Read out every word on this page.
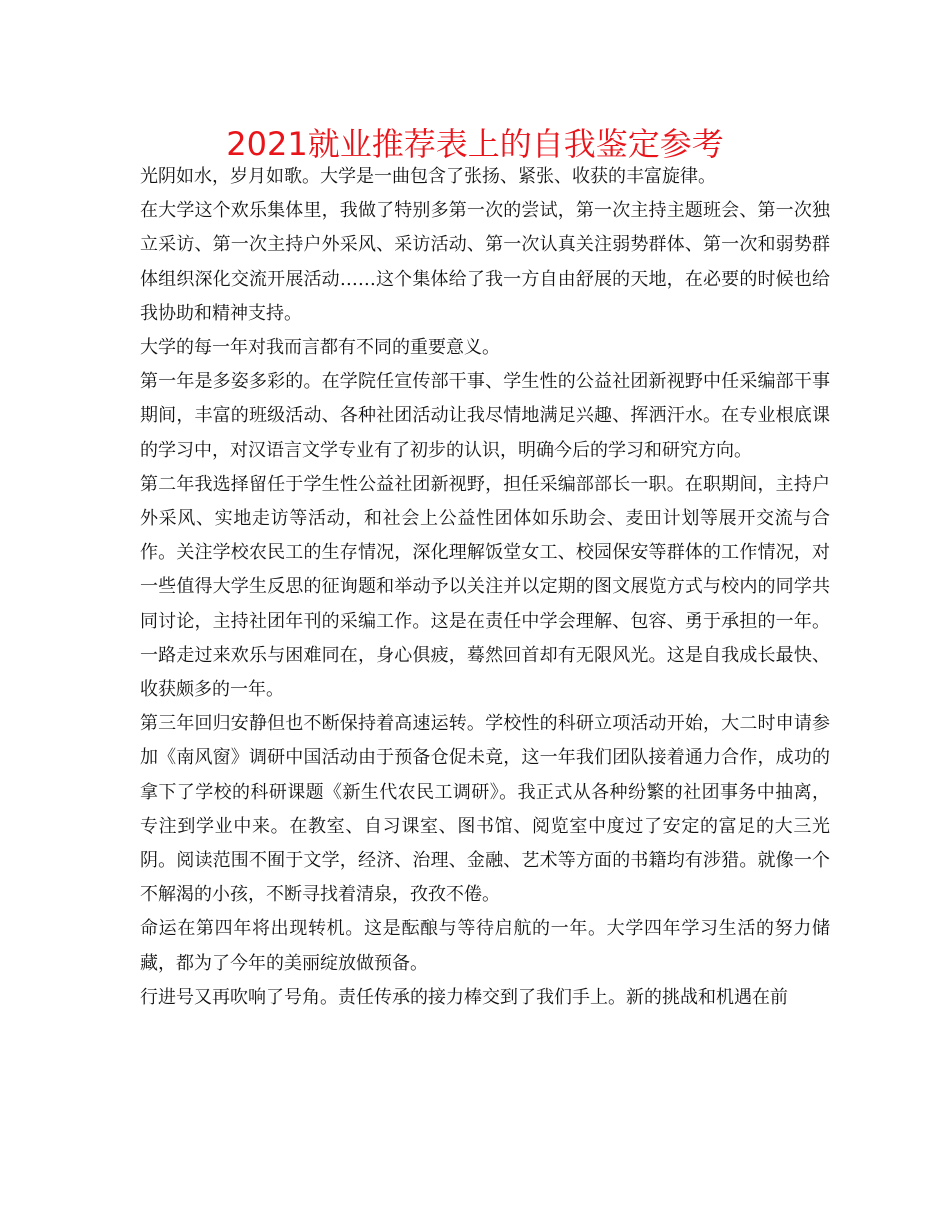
2021就业推荐表上的自我鉴定参考

光阴如水，岁月如歌。大学是一曲包含了张扬、紧张、收获的丰富旋律。

在大学这个欢乐集体里，我做了特别多第一次的尝试，第一次主持主题班会、第一次独立采访、第一次主持户外采风、采访活动、第一次认真关注弱势群体、第一次和弱势群体组织深化交流开展活动……这个集体给了我一方自由舒展的天地，在必要的时候也给我协助和精神支持。

大学的每一年对我而言都有不同的重要意义。

第一年是多姿多彩的。在学院任宣传部干事、学生性的公益社团新视野中任采编部干事期间，丰富的班级活动、各种社团活动让我尽情地满足兴趣、挥洒汗水。在专业根底课的学习中，对汉语言文学专业有了初步的认识，明确今后的学习和研究方向。

第二年我选择留任于学生性公益社团新视野，担任采编部部长一职。在职期间，主持户外采风、实地走访等活动，和社会上公益性团体如乐助会、麦田计划等展开交流与合作。关注学校农民工的生存情况，深化理解饭堂女工、校园保安等群体的工作情况，对一些值得大学生反思的征询题和举动予以关注并以定期的图文展览方式与校内的同学共同讨论，主持社团年刊的采编工作。这是在责任中学会理解、包容、勇于承担的一年。一路走过来欢乐与困难同在，身心俱疲，蓦然回首却有无限风光。这是自我成长最快、收获颇多的一年。

第三年回归安静但也不断保持着高速运转。学校性的科研立项活动开始，大二时申请参加《南风窗》调研中国活动由于预备仓促未竟，这一年我们团队接着通力合作，成功的拿下了学校的科研课题《新生代农民工调研》。我正式从各种纷繁的社团事务中抽离，专注到学业中来。在教室、自习课室、图书馆、阅览室中度过了安定的富足的大三光阴。阅读范围不囿于文学，经济、治理、金融、艺术等方面的书籍均有涉猎。就像一个不解渴的小孩，不断寻找着清泉，孜孜不倦。

命运在第四年将出现转机。这是酝酿与等待启航的一年。大学四年学习生活的努力储藏，都为了今年的美丽绽放做预备。

行进号又再吹响了号角。责任传承的接力棒交到了我们手上。新的挑战和机遇在前
